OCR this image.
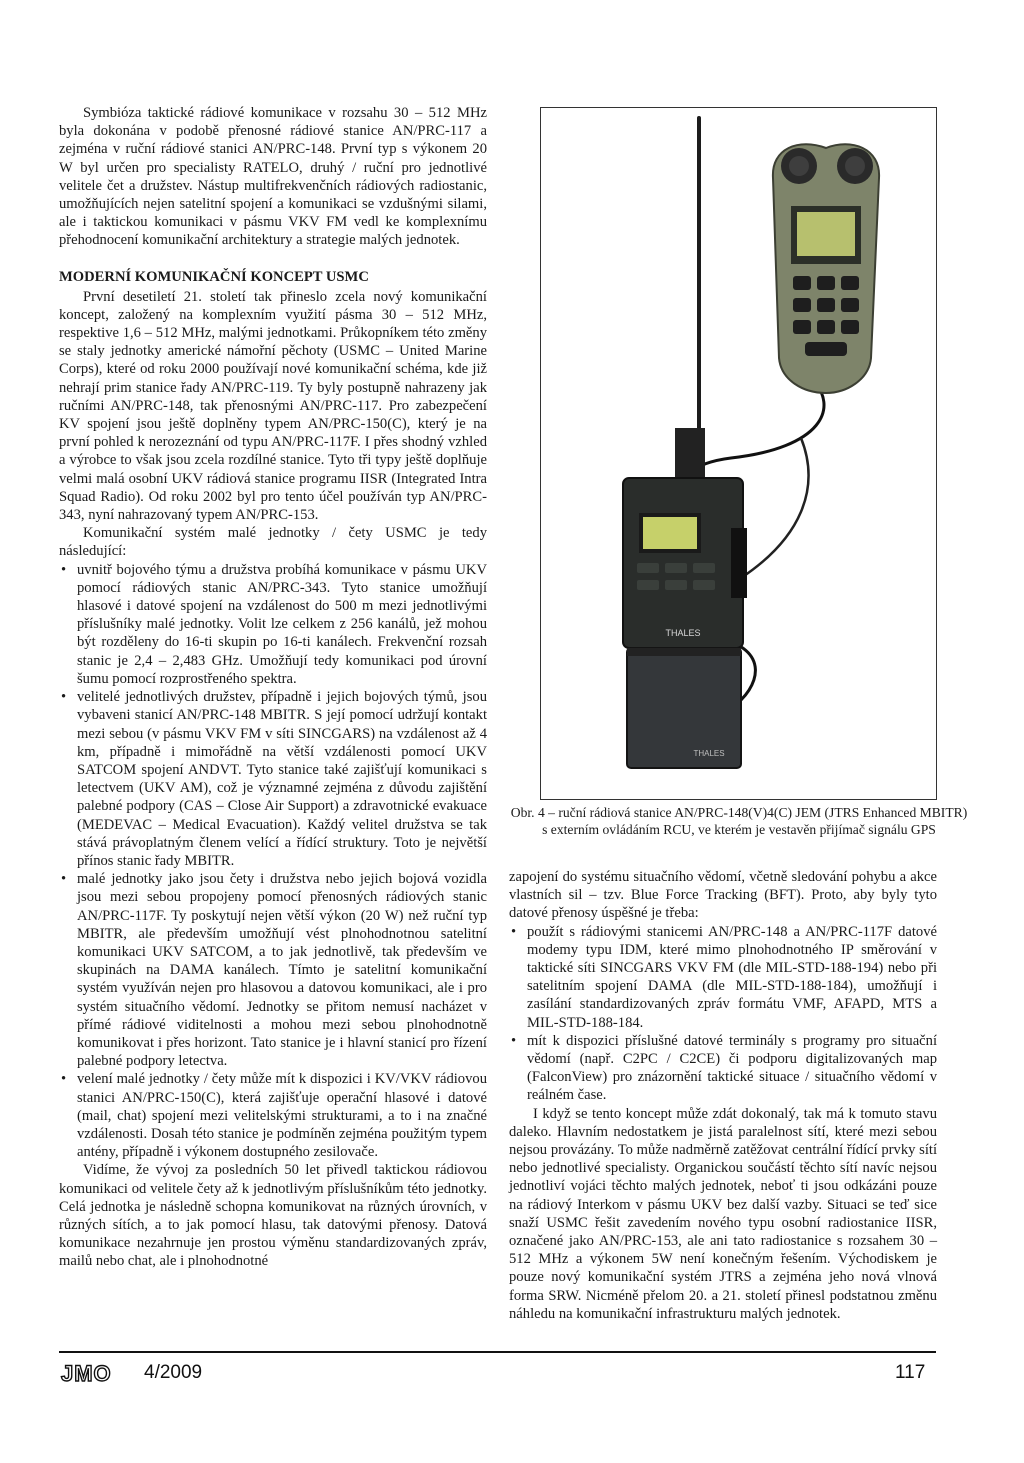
Symbióza taktické rádiové komunikace v rozsahu 30 – 512 MHz byla dokonána v podobě přenosné rádiové stanice AN/PRC-117 a zejména v ruční rádiové stanici AN/PRC-148. První typ s výkonem 20 W byl určen pro specialisty RATELO, druhý / ruční pro jednotlivé velitele čet a družstev. Nástup multifrekvenčních rádiových radiostanic, umožňujících nejen satelitní spojení a komunikaci se vzdušnými silami, ale i taktickou komunikaci v pásmu VKV FM vedl ke komplexnímu přehodnocení komunikační architektury a strategie malých jednotek.

MODERNÍ KOMUNIKAČNÍ KONCEPT USMC

První desetiletí 21. století tak přineslo zcela nový komunikační koncept, založený na komplexním využití pásma 30 – 512 MHz, respektive 1,6 – 512 MHz, malými jednotkami. Průkopníkem této změny se staly jednotky americké námořní pěchoty (USMC – United Marine Corps), které od roku 2000 používají nové komunikační schéma, kde již nehrají prim stanice řady AN/PRC-119. Ty byly postupně nahrazeny jak ručními AN/PRC-148, tak přenosnými AN/PRC-117. Pro zabezpečení KV spojení jsou ještě doplněny typem AN/PRC-150(C), který je na první pohled k nerozeznání od typu AN/PRC-117F. I přes shodný vzhled a výrobce to však jsou zcela rozdílné stanice. Tyto tři typy ještě doplňuje velmi malá osobní UKV rádiová stanice programu IISR (Integrated Intra Squad Radio). Od roku 2002 byl pro tento účel používán typ AN/PRC-343, nyní nahrazovaný typem AN/PRC-153.

Komunikační systém malé jednotky / čety USMC je tedy následující:

• uvnitř bojového týmu a družstva probíhá komunikace v pásmu UKV pomocí rádiových stanic AN/PRC-343. Tyto stanice umožňují hlasové i datové spojení na vzdálenost do 500 m mezi jednotlivými příslušníky malé jednotky. Volit lze celkem z 256 kanálů, jež mohou být rozděleny do 16-ti skupin po 16-ti kanálech. Frekvenční rozsah stanic je 2,4 – 2,483 GHz. Umožňují tedy komunikaci pod úrovní šumu pomocí rozprostřeného spektra.
• velitelé jednotlivých družstev, případně i jejich bojových týmů, jsou vybaveni stanicí AN/PRC-148 MBITR. S její pomocí udržují kontakt mezi sebou (v pásmu VKV FM v síti SINCGARS) na vzdálenost až 4 km, případně i mimořádně na větší vzdálenosti pomocí UKV SATCOM spojení ANDVT. Tyto stanice také zajišťují komunikaci s letectvem (UKV AM), což je významné zejména z důvodu zajištění palebné podpory (CAS – Close Air Support) a zdravotnické evakuace (MEDEVAC – Medical Evacuation). Každý velitel družstva se tak stává právoplatným členem velící a řídící struktury. Toto je největší přínos stanic řady MBITR.
• malé jednotky jako jsou čety i družstva nebo jejich bojová vozidla jsou mezi sebou propojeny pomocí přenosných rádiových stanic AN/PRC-117F. Ty poskytují nejen větší výkon (20 W) než ruční typ MBITR, ale především umožňují vést plnohodnotnou satelitní komunikaci UKV SATCOM, a to jak jednotlivě, tak především ve skupinách na DAMA kanálech. Tímto je satelitní komunikační systém využíván nejen pro hlasovou a datovou komunikaci, ale i pro systém situačního vědomí. Jednotky se přitom nemusí nacházet v přímé rádiové viditelnosti a mohou mezi sebou plnohodnotně komunikovat i přes horizont. Tato stanice je i hlavní stanicí pro řízení palebné podpory letectva.
• velení malé jednotky / čety může mít k dispozici i KV/VKV rádiovou stanici AN/PRC-150(C), která zajišťuje operační hlasové i datové (mail, chat) spojení mezi velitelskými strukturami, a to i na značné vzdálenosti. Dosah této stanice je podmíněn zejména použitým typem antény, případně i výkonem dostupného zesilovače.

Vidíme, že vývoj za posledních 50 let přivedl taktickou rádiovou komunikaci od velitele čety až k jednotlivým příslušníkům této jednotky. Celá jednotka je následně schopna komunikovat na různých úrovních, v různých sítích, a to jak pomocí hlasu, tak datovými přenosy. Datová komunikace nezahrnuje jen prostou výměnu standardizovaných zpráv, mailů nebo chat, ale i plnohodnotné

THALES
THALES
Obr. 4 – ruční rádiová stanice AN/PRC-148(V)4(C) JEM (JTRS Enhanced MBITR) s externím ovládáním RCU, ve kterém je vestavěn přijímač signálu GPS

zapojení do systému situačního vědomí, včetně sledování pohybu a akce vlastních sil – tzv. Blue Force Tracking (BFT). Proto, aby byly tyto datové přenosy úspěšné je třeba:

• použít s rádiovými stanicemi AN/PRC-148 a AN/PRC-117F datové modemy typu IDM, které mimo plnohodnotného IP směrování v taktické síti SINCGARS VKV FM (dle MIL-STD-188-194) nebo při satelitním spojení DAMA (dle MIL-STD-188-184), umožňují i zasílání standardizovaných zpráv formátu VMF, AFAPD, MTS a MIL-STD-188-184.
• mít k dispozici příslušné datové terminály s programy pro situační vědomí (např. C2PC / C2CE) či podporu digitalizovaných map (FalconView) pro znázornění taktické situace / situačního vědomí v reálném čase.

I když se tento koncept může zdát dokonalý, tak má k tomuto stavu daleko. Hlavním nedostatkem je jistá paralelnost sítí, které mezi sebou nejsou provázány. To může nadměrně zatěžovat centrální řídící prvky sítí nebo jednotlivé specialisty. Organickou součástí těchto sítí navíc nejsou jednotliví vojáci těchto malých jednotek, neboť ti jsou odkázáni pouze na rádiový Interkom v pásmu UKV bez další vazby. Situaci se teď sice snaží USMC řešit zavedením nového typu osobní radiostanice IISR, označené jako AN/PRC-153, ale ani tato radiostanice s rozsahem 30 – 512 MHz a výkonem 5W není konečným řešením. Východiskem je pouze nový komunikační systém JTRS a zejména jeho nová vlnová forma SRW. Nicméně přelom 20. a 21. století přinesl podstatnou změnu náhledu na komunikační infrastrukturu malých jednotek.

JMO 4/2009	117
